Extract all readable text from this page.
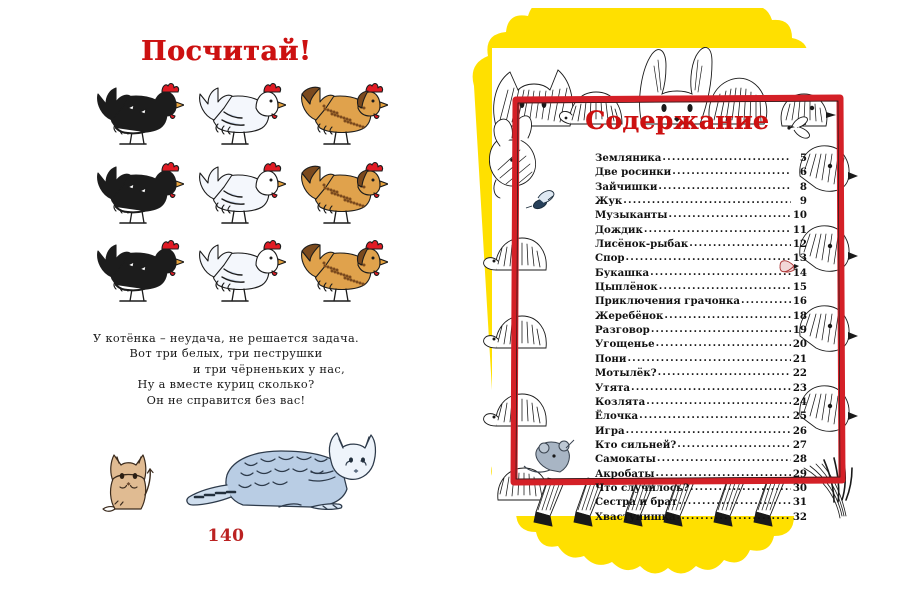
Посчитай!
У котёнка – неудача, не решается задача.
Вот три белых, три пеструшки
и три чёрненьких у нас,
Ну а вместе куриц сколько?
Он не справится без вас!
140
Содержание
Земляника .....	5
Две росинки .....	6
Зайчишки .....	8
Жук .....	9
Музыканты .....	10
Дождик .....	11
Лисёнок-рыбак .....	12
Спор .....	13
Букашка .....	14
Цыплёнок .....	15
Приключения грачонка .....	16
Жеребёнок .....	18
Разговор .....	19
Угощенье .....	20
Пони .....	21
Мотылёк? .....	22
Утята .....	23
Козлята .....	24
Ёлочка .....	25
Игра .....	26
Кто сильней? .....	27
Самокаты .....	28
Акробаты .....	29
Что случилось? .....	30
Сестра и брат .....	31
Хвастунишка .....	32
